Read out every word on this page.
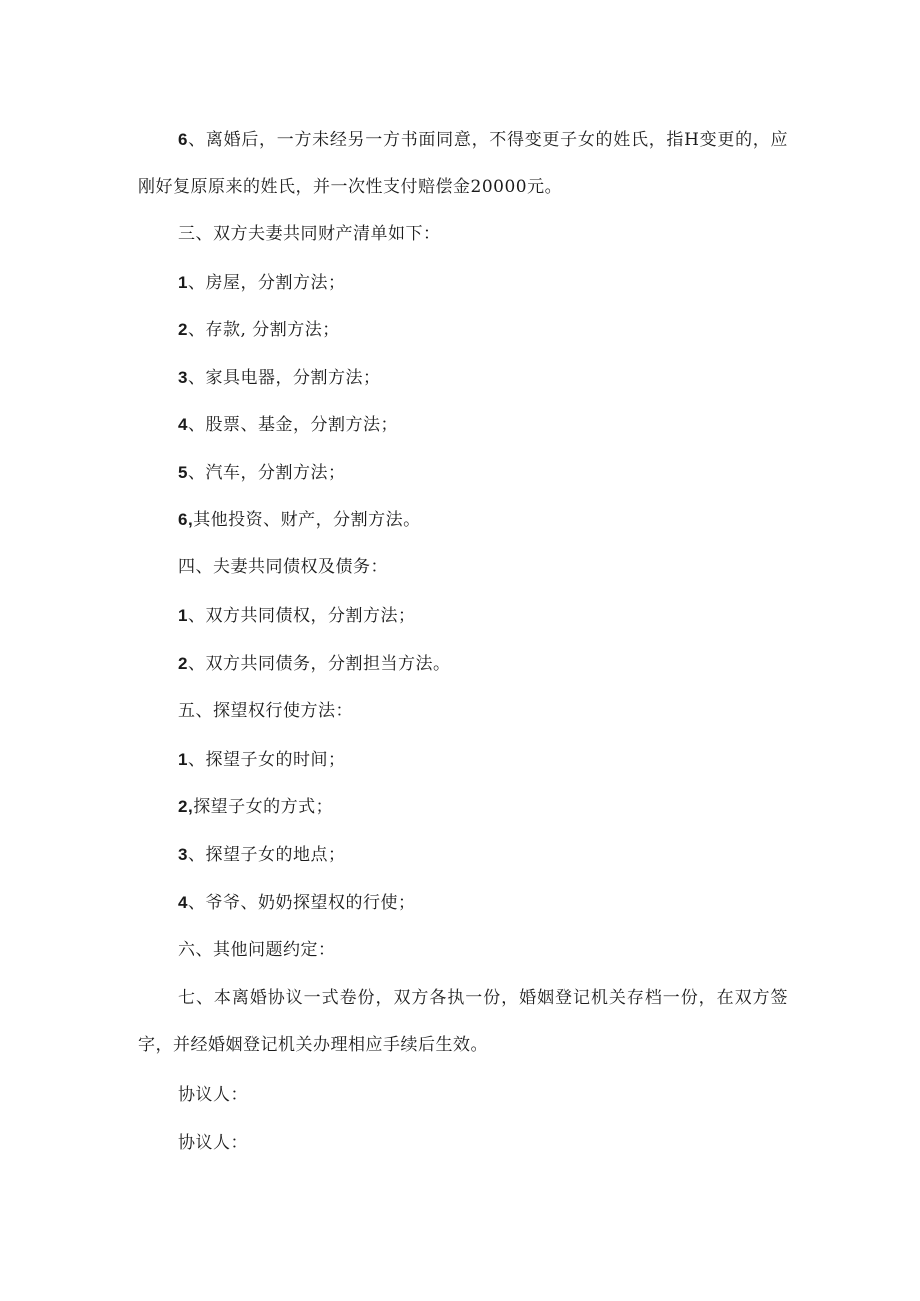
6、离婚后，一方未经另一方书面同意，不得变更子女的姓氏，指H变更的，应刚好复原原来的姓氏，并一次性支付赔偿金20000元。

三、双方夫妻共同财产清单如下：

1、房屋，分割方法；

2、存款, 分割方法；

3、家具电器，分割方法；

4、股票、基金，分割方法；

5、汽车，分割方法；

6,其他投资、财产，分割方法。

四、夫妻共同债权及债务：

1、双方共同债权，分割方法；

2、双方共同债务，分割担当方法。

五、探望权行使方法：

1、探望子女的时间；

2,探望子女的方式；

3、探望子女的地点；

4、爷爷、奶奶探望权的行使；

六、其他问题约定：

七、本离婚协议一式卷份，双方各执一份，婚姻登记机关存档一份，在双方签字，并经婚姻登记机关办理相应手续后生效。

协议人：

协议人：
